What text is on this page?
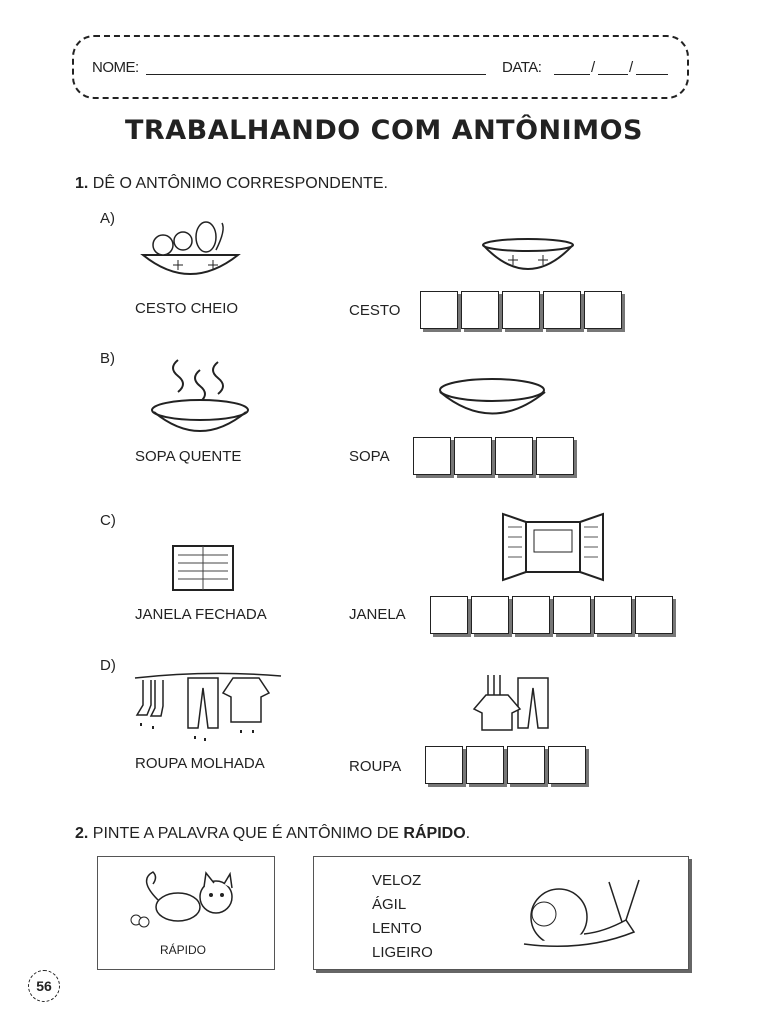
NOME:	DATA:	/ /
TRABALHANDO COM ANTÔNIMOS
1. DÊ O ANTÔNIMO CORRESPONDENTE.
A)
CESTO CHEIO	CESTO
B)
SOPA QUENTE	SOPA
C)
JANELA FECHADA	JANELA
D)
ROUPA MOLHADA	ROUPA
2. PINTE A PALAVRA QUE É ANTÔNIMO DE RÁPIDO.
RÁPIDO
VELOZ
ÁGIL
LENTO
LIGEIRO
56
